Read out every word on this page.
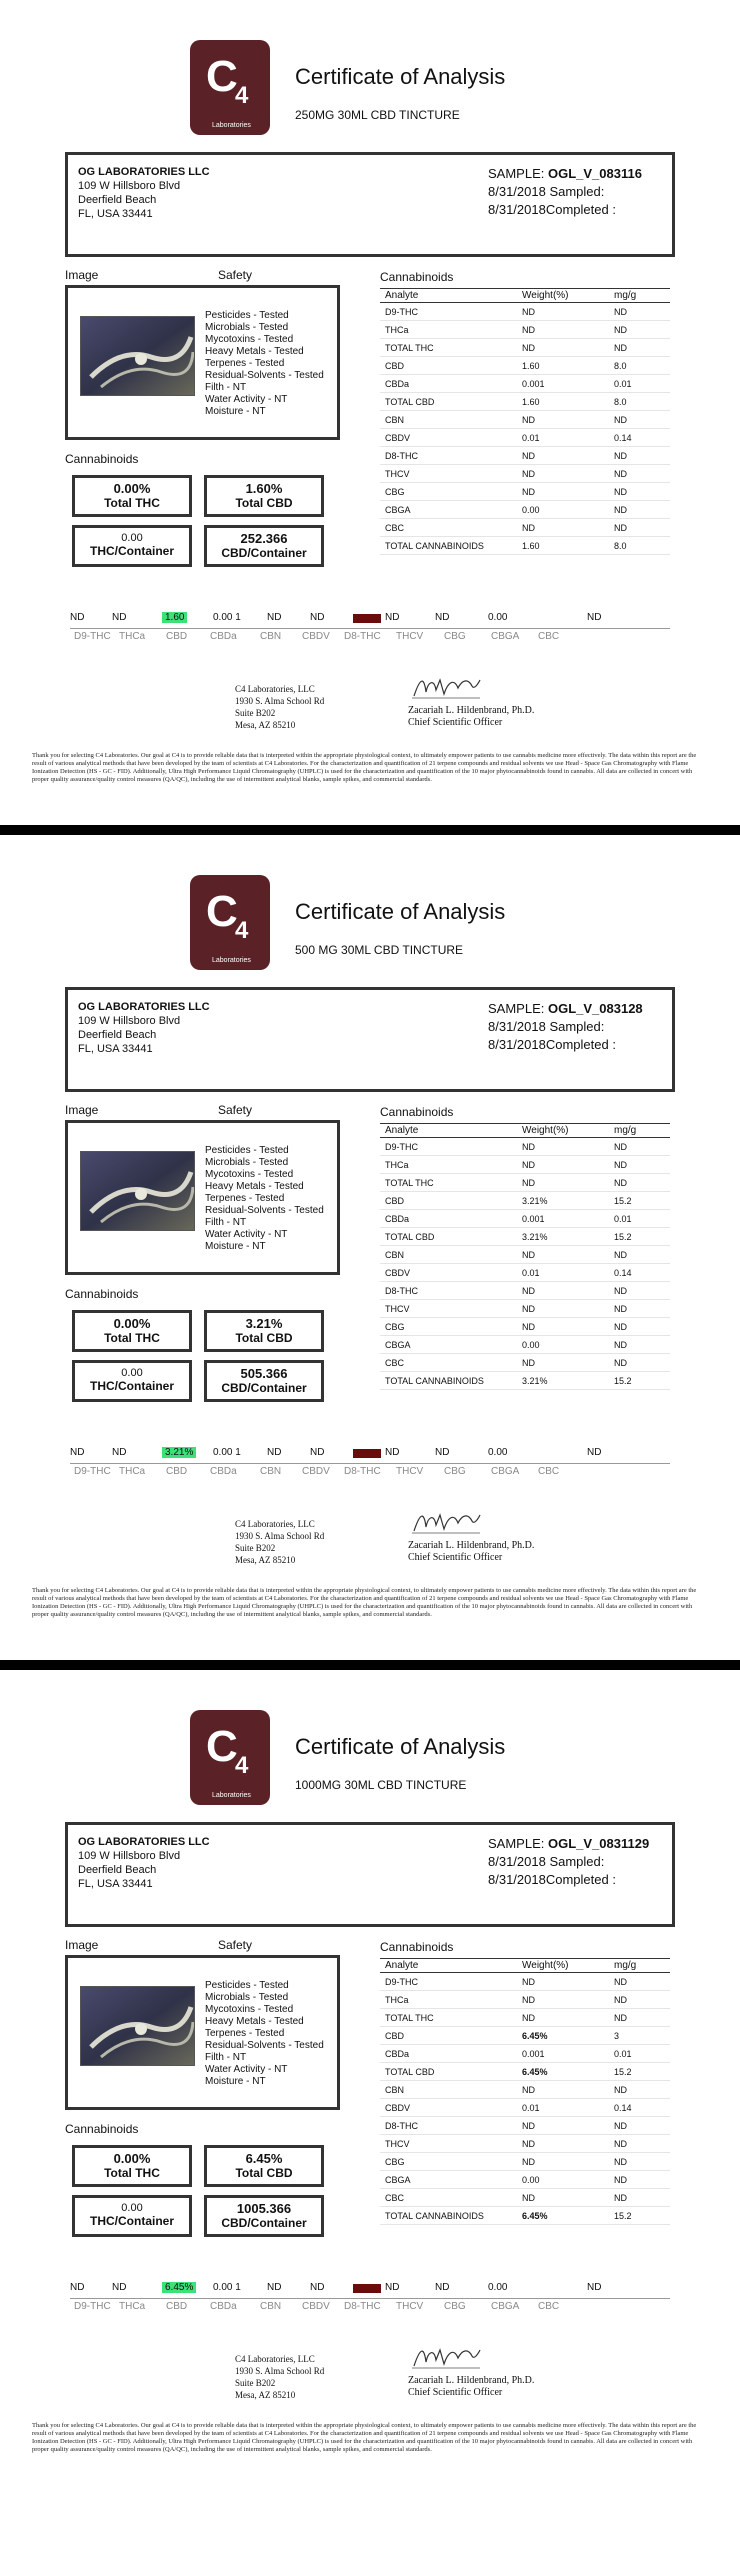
C
4
Laboratories
Certificate of Analysis
250MG 30ML CBD TINCTURE
OG LABORATORIES LLC
109 W Hillsboro Blvd
Deerfield Beach
FL, USA 33441
SAMPLE: OGL_V_083116
8/31/2018 Sampled:
8/31/2018Completed :
Image	Safety
Pesticides - Tested
Microbials - Tested
Mycotoxins - Tested
Heavy Metals - Tested
Terpenes - Tested
Residual-Solvents - Tested
Filth - NT
Water Activity - NT
Moisture - NT
Cannabinoids
0.00%
Total THC
1.60%
Total CBD
0.00
THC/Container
252.366
CBD/Container
Cannabinoids
Analyte	Weight(%)	mg/g
D9-THC	ND	ND
THCa	ND	ND
TOTAL THC	ND	ND
CBD	1.60	8.0
CBDa	0.001	0.01
TOTAL CBD	1.60	8.0
CBN	ND	ND
CBDV	0.01	0.14
D8-THC	ND	ND
THCV	ND	ND
CBG	ND	ND
CBGA	0.00	ND
CBC	ND	ND
TOTAL CANNABINOIDS	1.60	8.0
ND	ND	1.60	0.00 1	ND	ND	ND	ND	0.00	ND
D9-THC THCa CBD CBDa CBN CBDV D8-THC THCV CBG	CBGA CBC
C4 Laboratories, LLC
1930 S. Alma School Rd
Suite B202
Mesa, AZ 85210
Zacariah L. Hildenbrand, Ph.D.
Chief Scientific Officer
Thank you for selecting C4 Laboratories. Our goal at C4 is to provide reliable data that is interpreted within the appropriate physiological context, to ultimately empower patients to use cannabis medicine more effectively. The data within this report are the result of various analytical methods that have been developed by the team of scientists at C4 Laboratories. For the characterization and quantification of 21 terpene compounds and residual solvents we use Head - Space Gas Chromatography with Flame Ionization Detection (HS - GC - FID). Additionally, Ultra High Performance Liquid Chromatography (UHPLC) is used for the characterization and quantification of the 10 major phytocannabinoids found in cannabis. All data are collected in concert with proper quality assurance/quality control measures (QA/QC), including the use of intermittent analytical blanks, sample spikes, and commercial standards.
C
4
Laboratories
Certificate of Analysis
500 MG 30ML CBD TINCTURE
OG LABORATORIES LLC
109 W Hillsboro Blvd
Deerfield Beach
FL, USA 33441
SAMPLE: OGL_V_083128
8/31/2018 Sampled:
8/31/2018Completed :
Image	Safety
Pesticides - Tested
Microbials - Tested
Mycotoxins - Tested
Heavy Metals - Tested
Terpenes - Tested
Residual-Solvents - Tested
Filth - NT
Water Activity - NT
Moisture - NT
Cannabinoids
0.00%
Total THC
3.21%
Total CBD
0.00
THC/Container
505.366
CBD/Container
Cannabinoids
Analyte	Weight(%)	mg/g
D9-THC	ND	ND
THCa	ND	ND
TOTAL THC	ND	ND
CBD	3.21%	15.2
CBDa	0.001	0.01
TOTAL CBD	3.21%	15.2
CBN	ND	ND
CBDV	0.01	0.14
D8-THC	ND	ND
THCV	ND	ND
CBG	ND	ND
CBGA	0.00	ND
CBC	ND	ND
TOTAL CANNABINOIDS	3.21%	15.2
ND	ND	3.21%	0.00 1	ND	ND	ND	ND	0.00	ND
D9-THC THCa CBD CBDa CBN CBDV D8-THC THCV CBG	CBGA CBC
C4 Laboratories, LLC
1930 S. Alma School Rd
Suite B202
Mesa, AZ 85210
Zacariah L. Hildenbrand, Ph.D.
Chief Scientific Officer
Thank you for selecting C4 Laboratories. Our goal at C4 is to provide reliable data that is interpreted within the appropriate physiological context, to ultimately empower patients to use cannabis medicine more effectively. The data within this report are the result of various analytical methods that have been developed by the team of scientists at C4 Laboratories. For the characterization and quantification of 21 terpene compounds and residual solvents we use Head - Space Gas Chromatography with Flame Ionization Detection (HS - GC - FID). Additionally, Ultra High Performance Liquid Chromatography (UHPLC) is used for the characterization and quantification of the 10 major phytocannabinoids found in cannabis. All data are collected in concert with proper quality assurance/quality control measures (QA/QC), including the use of intermittent analytical blanks, sample spikes, and commercial standards.
C
4
Laboratories
Certificate of Analysis
1000MG 30ML CBD TINCTURE
OG LABORATORIES LLC
109 W Hillsboro Blvd
Deerfield Beach
FL, USA 33441
SAMPLE: OGL_V_0831129
8/31/2018 Sampled:
8/31/2018Completed :
Image	Safety
Pesticides - Tested
Microbials - Tested
Mycotoxins - Tested
Heavy Metals - Tested
Terpenes - Tested
Residual-Solvents - Tested
Filth - NT
Water Activity - NT
Moisture - NT
Cannabinoids
0.00%
Total THC
6.45%
Total CBD
0.00
THC/Container
1005.366
CBD/Container
Cannabinoids
Analyte	Weight(%)	mg/g
D9-THC	ND	ND
THCa	ND	ND
TOTAL THC	ND	ND
CBD	6.45%	3
CBDa	0.001	0.01
TOTAL CBD	6.45%	15.2
CBN	ND	ND
CBDV	0.01	0.14
D8-THC	ND	ND
THCV	ND	ND
CBG	ND	ND
CBGA	0.00	ND
CBC	ND	ND
TOTAL CANNABINOIDS	6.45%	15.2
ND	ND	6.45%	0.00 1	ND	ND	ND	ND	0.00	ND
D9-THC THCa CBD CBDa CBN CBDV D8-THC THCV CBG	CBGA CBC
C4 Laboratories, LLC
1930 S. Alma School Rd
Suite B202
Mesa, AZ 85210
Zacariah L. Hildenbrand, Ph.D.
Chief Scientific Officer
Thank you for selecting C4 Laboratories. Our goal at C4 is to provide reliable data that is interpreted within the appropriate physiological context, to ultimately empower patients to use cannabis medicine more effectively. The data within this report are the result of various analytical methods that have been developed by the team of scientists at C4 Laboratories. For the characterization and quantification of 21 terpene compounds and residual solvents we use Head - Space Gas Chromatography with Flame Ionization Detection (HS - GC - FID). Additionally, Ultra High Performance Liquid Chromatography (UHPLC) is used for the characterization and quantification of the 10 major phytocannabinoids found in cannabis. All data are collected in concert with proper quality assurance/quality control measures (QA/QC), including the use of intermittent analytical blanks, sample spikes, and commercial standards.
